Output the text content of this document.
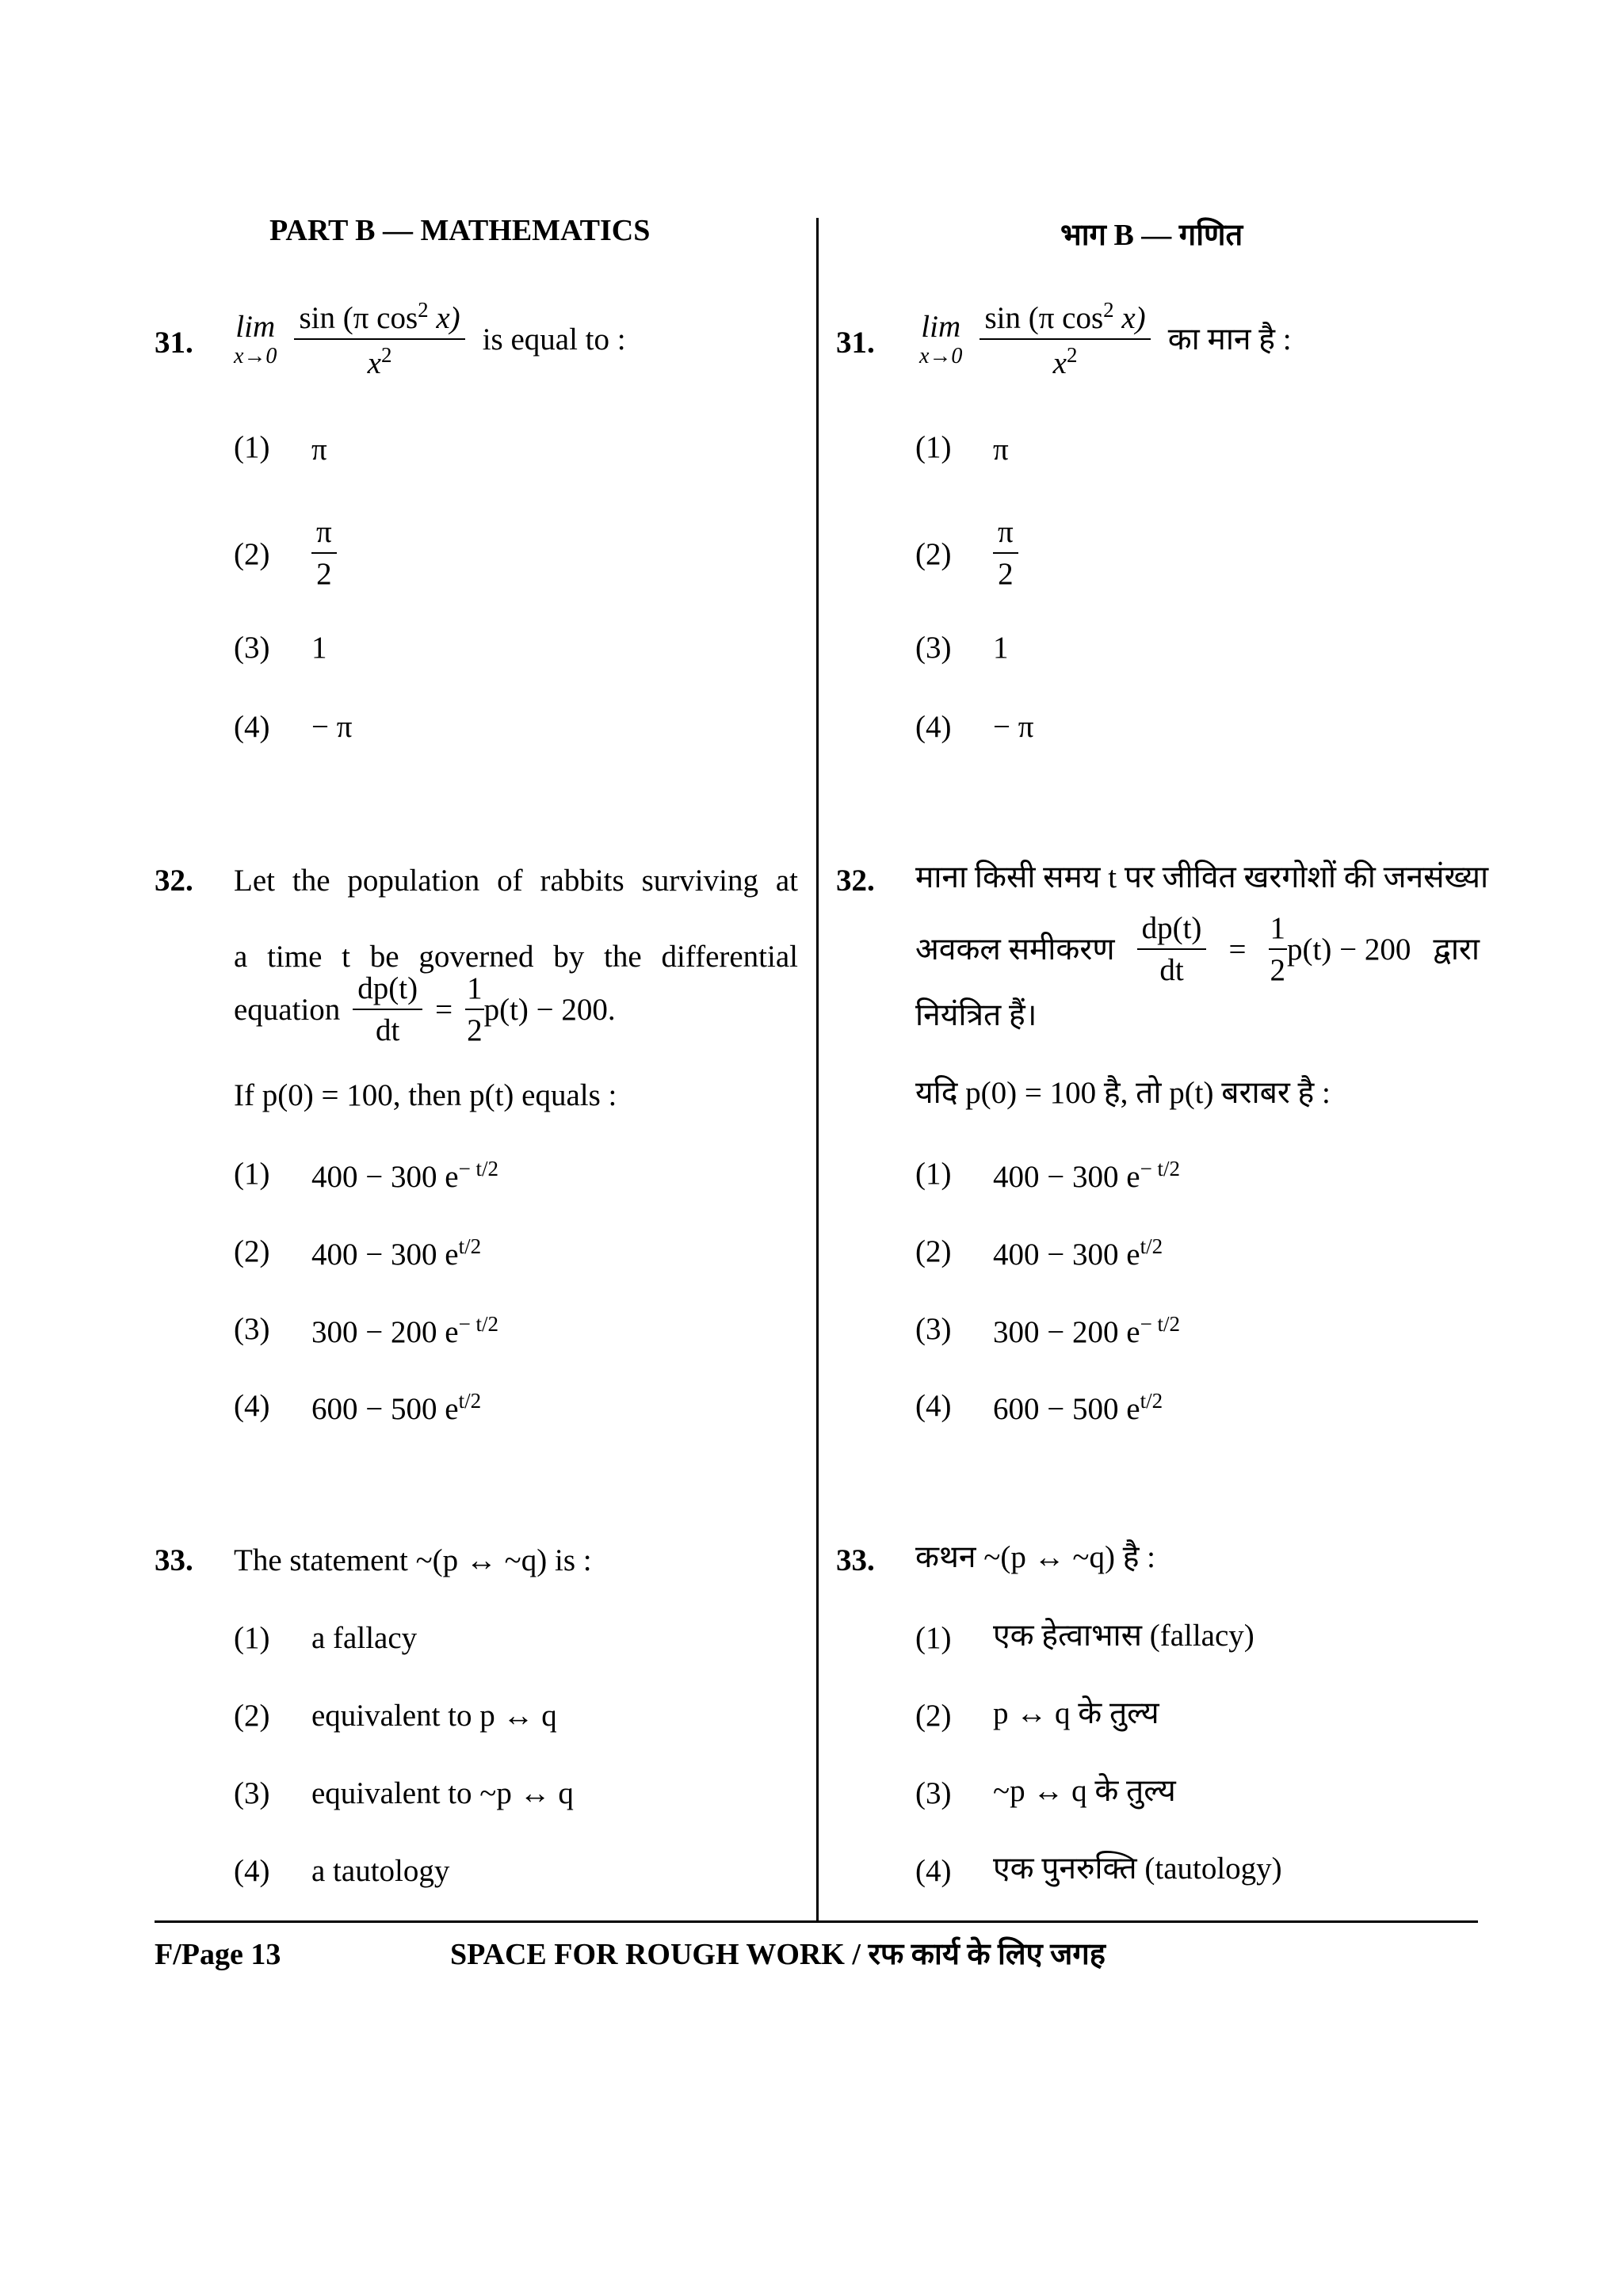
PART B — MATHEMATICS	भाग B — गणित
31. lim
$x\to 0 \frac{\sin (\pi \cos^2 x)}{x^2}$ is equal to :
(1) π
$(2) \frac{\pi}{2}$
(3) 1
(4) − π
32. Let the population of rabbits surviving at
a time t be governed by the differential
equation $\frac{dp(t)}{dt} = \frac{1}{2} p(t) - 200$ .
If p(0) = 100, then p(t) equals :
(1) 400 − 300 $e^{- t/2}$
(2) 400 − 300 $e^{t/2}$
(3) 300 − 200 $e^{- t/2}$
(4) 600 − 500 $e^{t/2}$
33. The statement ~(p ↔ ~q) is :
(1) a fallacy
(2) equivalent to p ↔ q
(3) equivalent to ~p ↔ q
(4) a tautology
31. lim
$x\to 0 \frac{\sin (\pi \cos^2 x)}{x^2}$ का मान है :
(1) π
$(2) \frac{\pi}{2}$
(3) 1
(4) − π
32. माना किसी समय t पर जीवित खरगोशों की जनसंख्या
अवकल समीकरण $\frac{dp(t)}{dt} = \frac{1}{2} p(t) - 200$ द्वारा
नियंत्रित हैं।
यदि p(0) = 100 है, तो p(t) बराबर है :
(1) 400 − 300 $e^{- t/2}$
(2) 400 − 300 $e^{t/2}$
(3) 300 − 200 $e^{- t/2}$
(4) 600 − 500 $e^{t/2}$
33. कथन ~(p ↔ ~q) है :
(1) एक हेत्वाभास (fallacy)
(2) p ↔ q के तुल्य
(3) ~p ↔ q के तुल्य
(4) एक पुनरुक्ति (tautology)
F/Page 13	SPACE FOR ROUGH WORK / रफ कार्य के लिए जगह
